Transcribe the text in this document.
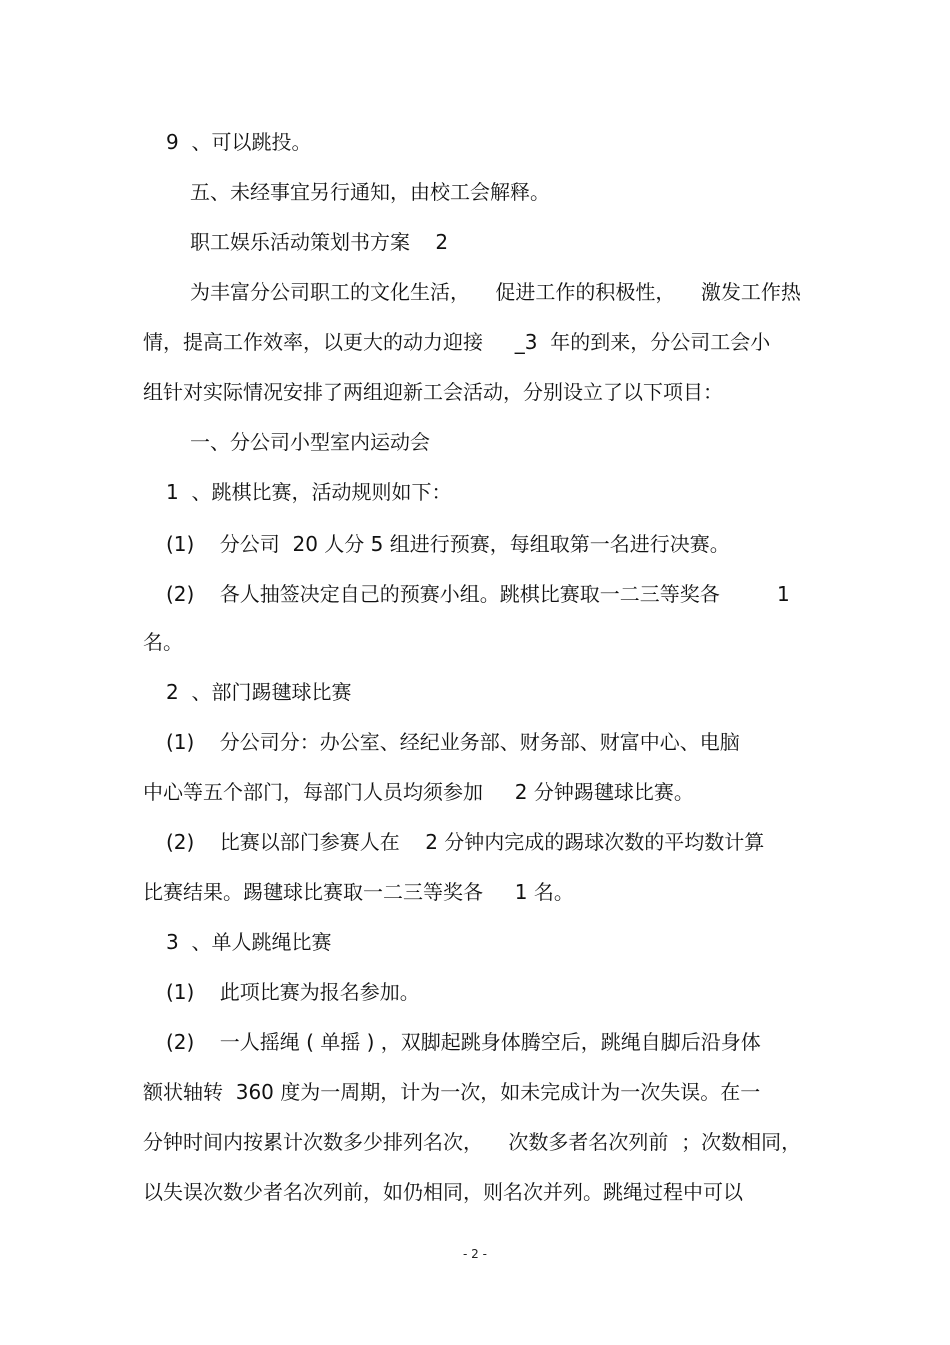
9  、可以跳投。

五、未经事宜另行通知，由校工会解释。

职工娱乐活动策划书方案    2

为丰富分公司职工的文化生活，    促进工作的积极性，    激发工作热

情，提高工作效率，以更大的动力迎接     _3  年的到来，分公司工会小

组针对实际情况安排了两组迎新工会活动，分别设立了以下项目：

一、分公司小型室内运动会

1  、跳棋比赛，活动规则如下：

(1)    分公司  20 人分 5 组进行预赛，每组取第一名进行决赛。

(2)    各人抽签决定自己的预赛小组。跳棋比赛取一二三等奖各         1

名。

2  、部门踢毽球比赛

(1)    分公司分：办公室、经纪业务部、财务部、财富中心、电脑

中心等五个部门，每部门人员均须参加     2 分钟踢毽球比赛。

(2)    比赛以部门参赛人在    2 分钟内完成的踢球次数的平均数计算

比赛结果。踢毽球比赛取一二三等奖各     1 名。

3  、单人跳绳比赛

(1)    此项比赛为报名参加。

(2)    一人摇绳 ( 单摇 ) ，双脚起跳身体腾空后，跳绳自脚后沿身体

额状轴转  360 度为一周期，计为一次，如未完成计为一次失误。在一

分钟时间内按累计次数多少排列名次，    次数多者名次列前  ；次数相同，

以失误次数少者名次列前，如仍相同，则名次并列。跳绳过程中可以

- 2 -
